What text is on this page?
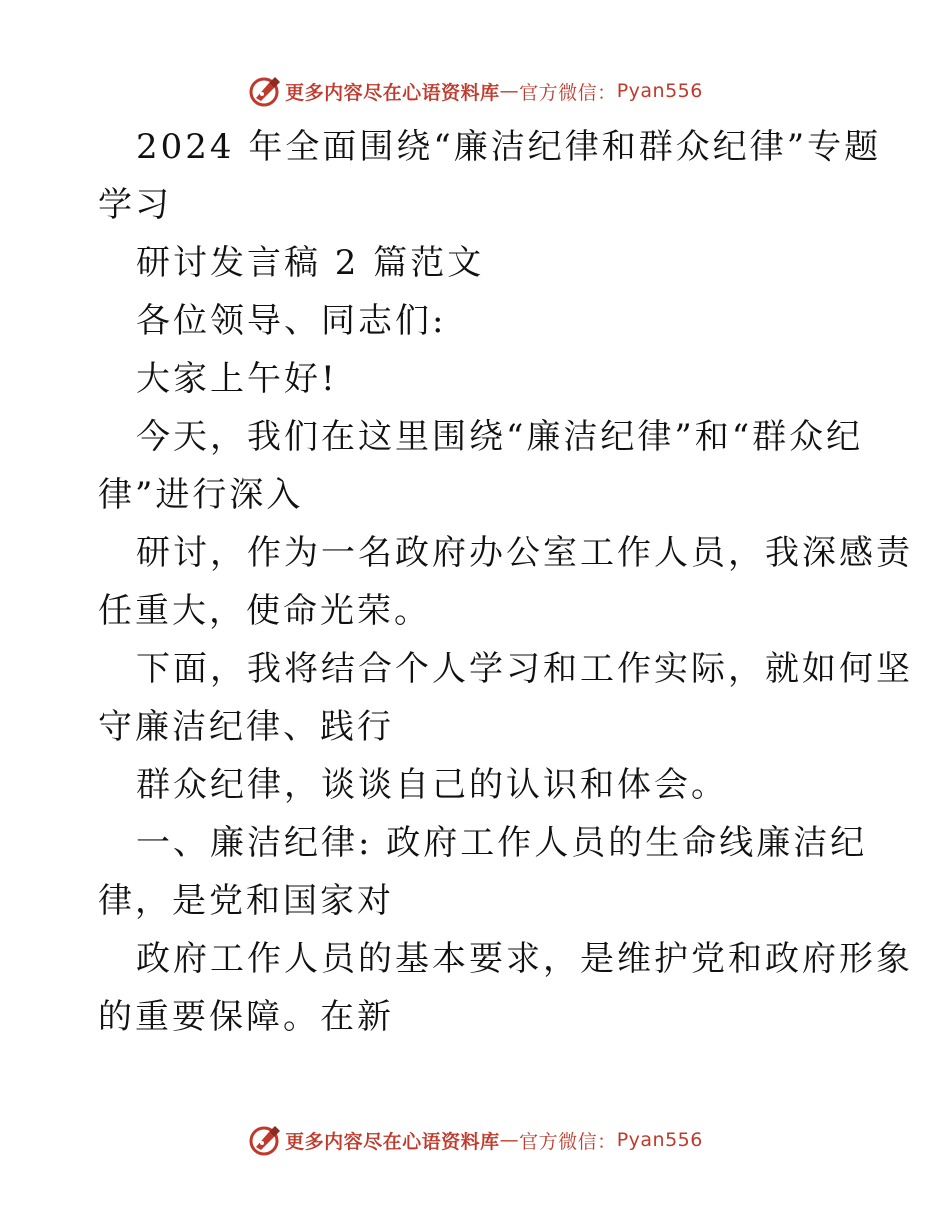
更多内容尽在心语资料库 — 官方微信： Pyan556

2024 年全面围绕“廉洁纪律和群众纪律”专题

学习

研讨发言稿 2 篇范文

各位领导、同志们:

大家上午好!

今天，我们在这里围绕“廉洁纪律”和“群众纪

律”进行深入

研讨，作为一名政府办公室工作人员，我深感责

任重大，使命光荣。

下面，我将结合个人学习和工作实际，就如何坚

守廉洁纪律、践行

群众纪律，谈谈自己的认识和体会。

一、廉洁纪律: 政府工作人员的生命线廉洁纪

律，是党和国家对

政府工作人员的基本要求，是维护党和政府形象

的重要保障。在新

更多内容尽在心语资料库 — 官方微信： Pyan556
